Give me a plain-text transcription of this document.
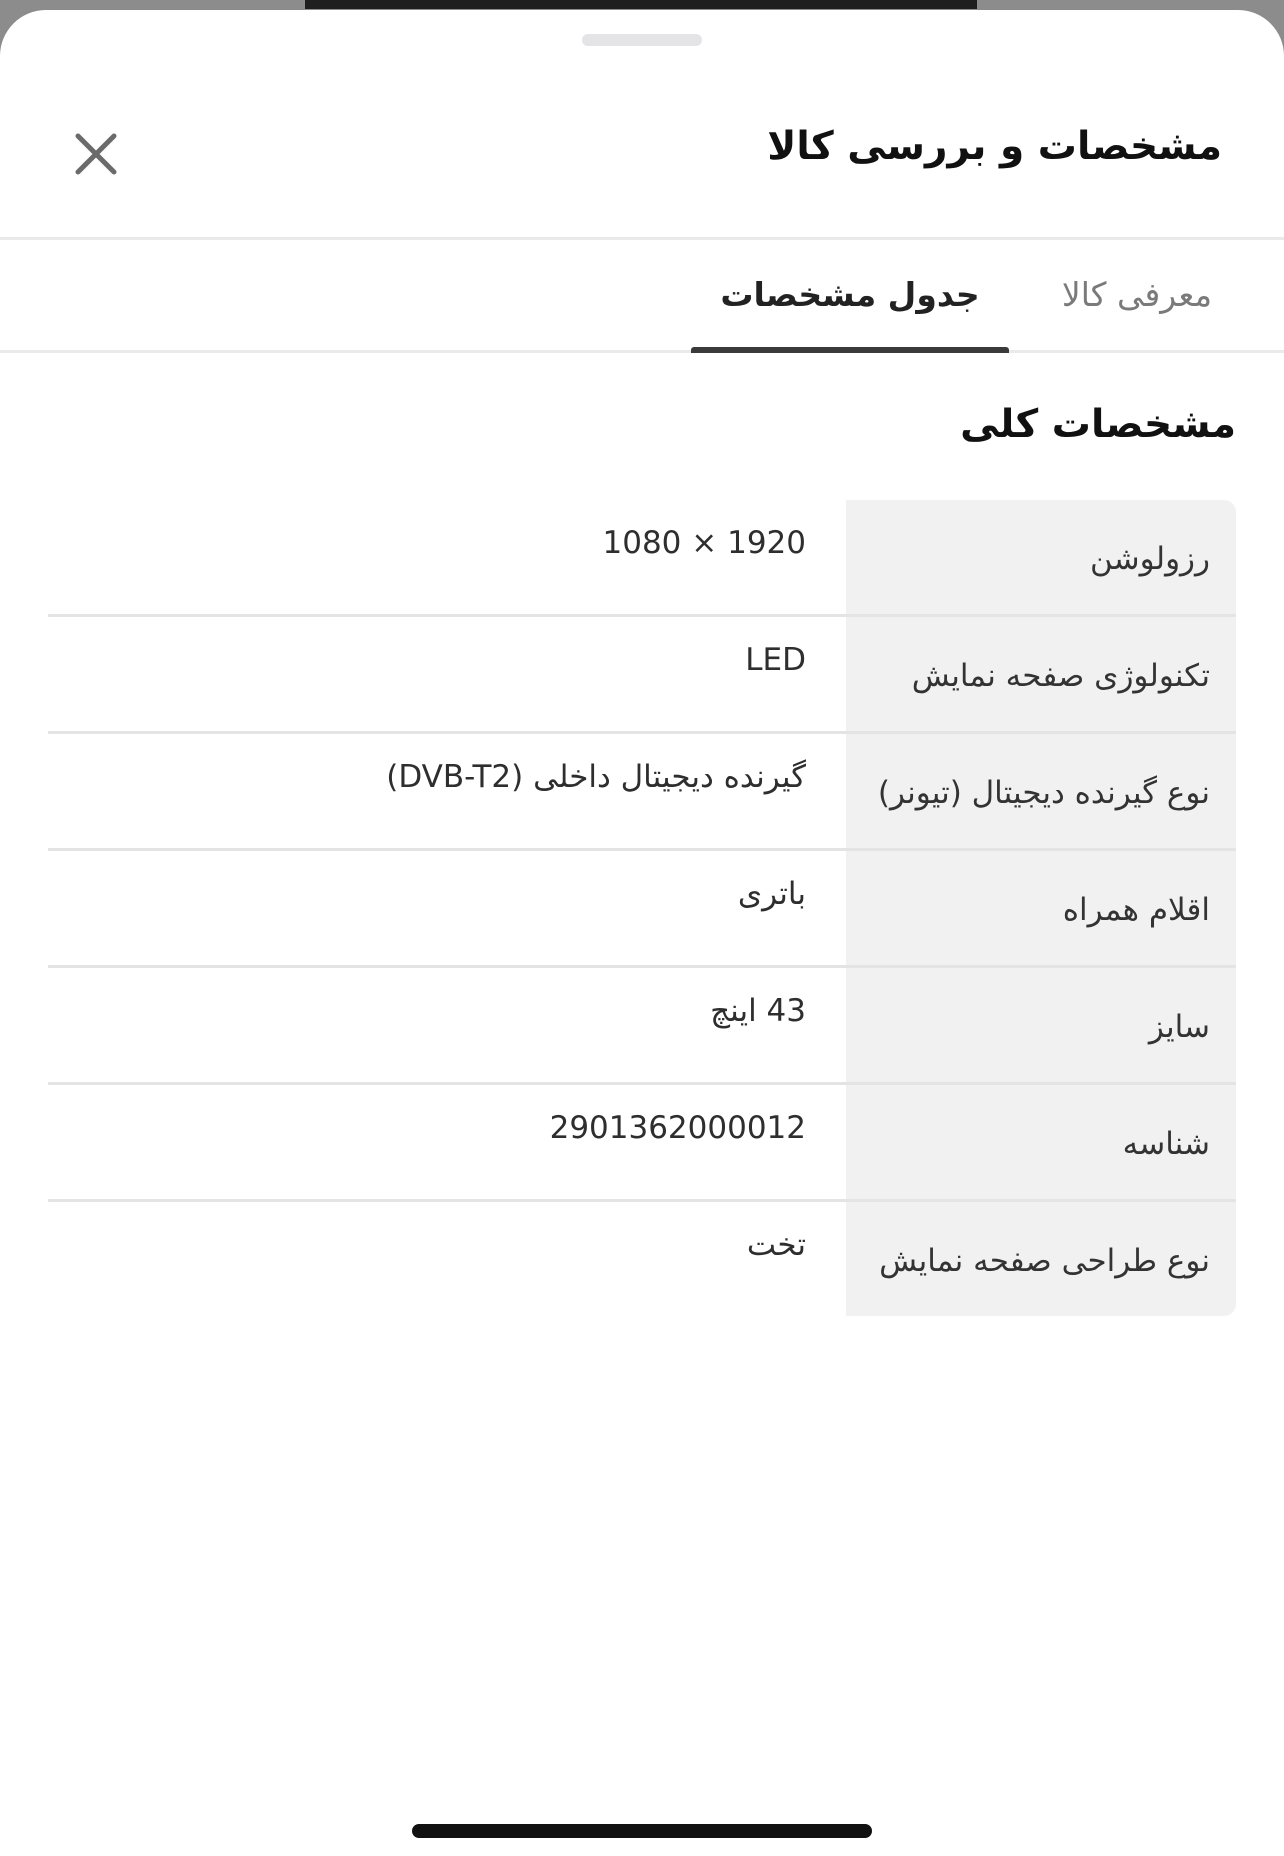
مشخصات و بررسی کالا
معرفی کالا
جدول مشخصات
مشخصات کلی
رزولوشن
1920 × 1080
تکنولوژی صفحه نمایش
LED
نوع گیرنده دیجیتال (تیونر)
گیرنده دیجیتال داخلی (DVB-T2)
اقلام همراه
باتری
سایز
43 اینچ
شناسه
2901362000012
نوع طراحی صفحه نمایش
تخت
